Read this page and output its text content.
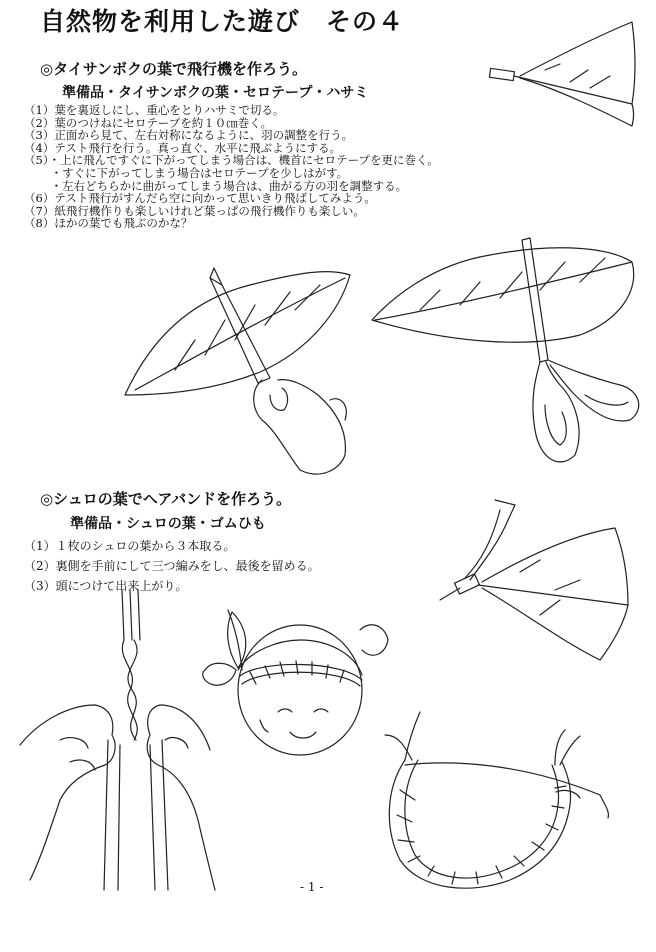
自然物を利用した遊び　その４
◎タイサンボクの葉で飛行機を作ろう。
準備品・タイサンボクの葉・セロテープ・ハサミ
（1）葉を裏返しにし、重心をとりハサミで切る。
（2）葉のつけねにセロテープを約１０㎝巻く。
（3）正面から見て、左右対称になるように、羽の調整を行う。
（4）テスト飛行を行う。真っ直ぐ、水平に飛ぶようにする。
（5）・上に飛んですぐに下がってしまう場合は、機首にセロテープを更に巻く。
　　 ・すぐに下がってしまう場合はセロテープを少しはがす。
　　 ・左右どちらかに曲がってしまう場合は、曲がる方の羽を調整する。
（6）テスト飛行がすんだら空に向かって思いきり飛ばしてみよう。
（7）紙飛行機作りも楽しいけれど葉っぱの飛行機作りも楽しい。
（8）ほかの葉でも飛ぶのかな？
◎シュロの葉でヘアバンドを作ろう。
準備品・シュロの葉・ゴムひも
（1）１枚のシュロの葉から３本取る。
（2）裏側を手前にして三つ編みをし、最後を留める。
（3）頭につけて出来上がり。
- 1 -
